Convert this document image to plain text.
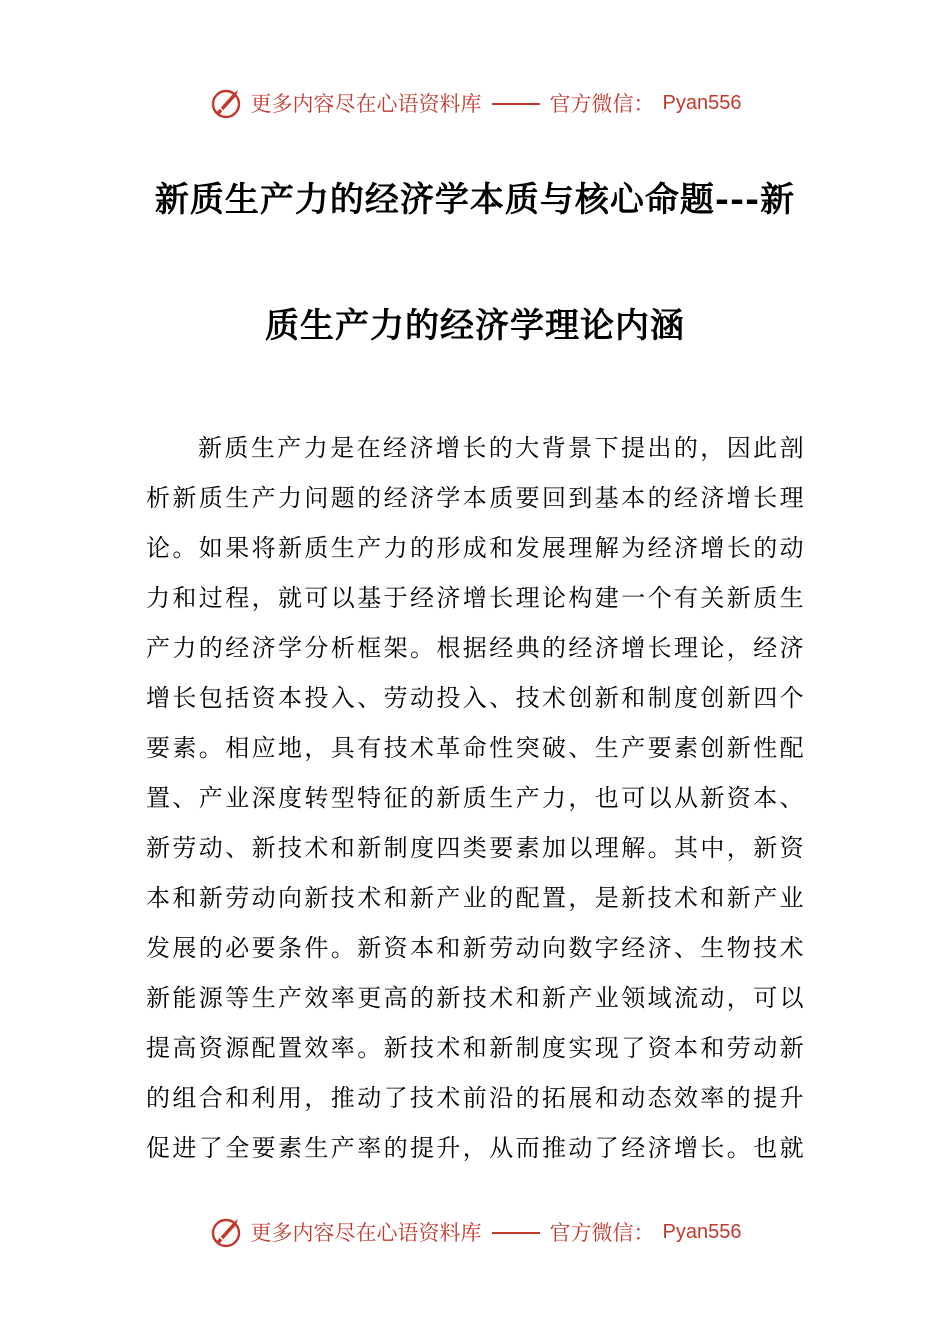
更多内容尽在心语资料库	官方微信： Pyan556
新质生产力的经济学本质与核心命题---新
质生产力的经济学理论内涵

新质生产力是在经济增长的大背景下提出的，因此剖析新质生产力问题的经济学本质要回到基本的经济增长理论。如果将新质生产力的形成和发展理解为经济增长的动力和过程，就可以基于经济增长理论构建一个有关新质生产力的经济学分析框架。根据经典的经济增长理论，经济增长包括资本投入、劳动投入、技术创新和制度创新四个要素。相应地，具有技术革命性突破、生产要素创新性配置、产业深度转型特征的新质生产力，也可以从新资本、新劳动、新技术和新制度四类要素加以理解。其中，新资本和新劳动向新技术和新产业的配置，是新技术和新产业发展的必要条件。新资本和新劳动向数字经济、生物技术新能源等生产效率更高的新技术和新产业领域流动，可以提高资源配置效率。新技术和新制度实现了资本和劳动新的组合和利用，推动了技术前沿的拓展和动态效率的提升促进了全要素生产率的提升，从而推动了经济增长。也就

更多内容尽在心语资料库	官方微信： Pyan556
